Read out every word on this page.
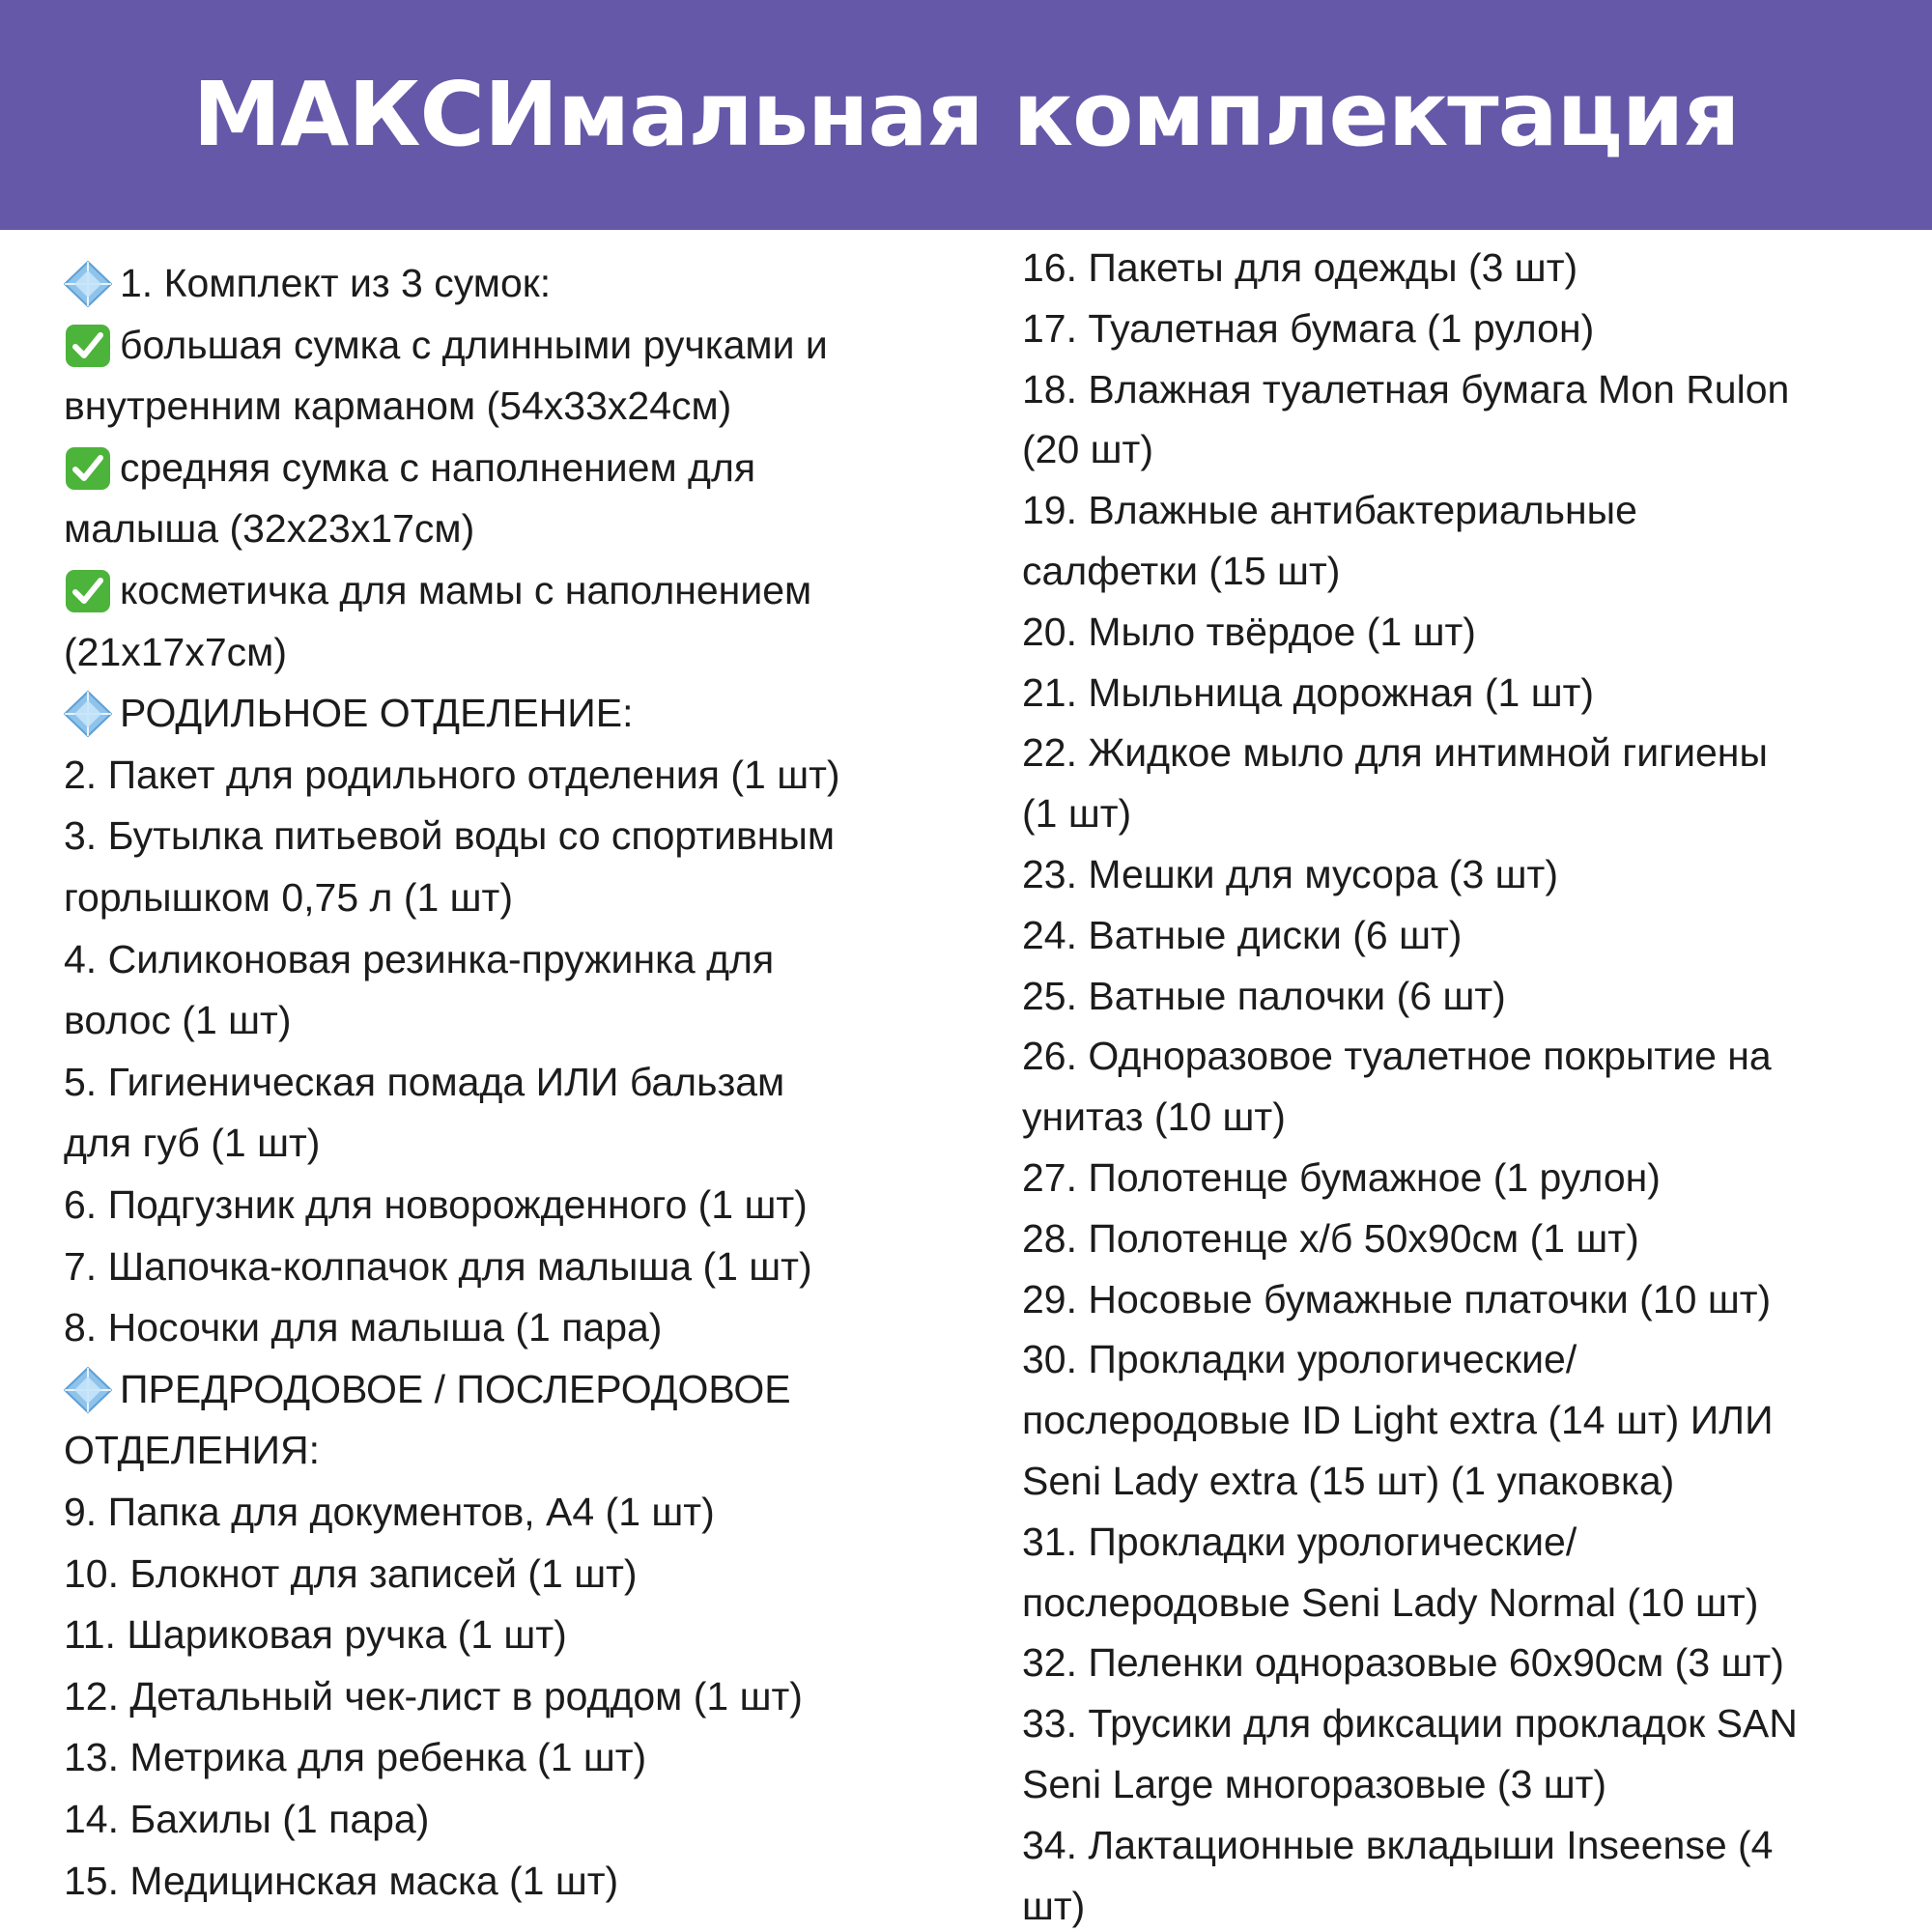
МАКСИмальная комплектация
1. Комплект из 3 сумок:
большая сумка с длинными ручками и
внутренним карманом (54х33х24см)
средняя сумка с наполнением для
малыша (32х23х17см)
косметичка для мамы с наполнением
(21х17х7см)
РОДИЛЬНОЕ ОТДЕЛЕНИЕ:
2. Пакет для родильного отделения (1 шт)
3. Бутылка питьевой воды со спортивным
горлышком 0,75 л (1 шт)
4. Силиконовая резинка-пружинка для
волос (1 шт)
5. Гигиеническая помада ИЛИ бальзам
для губ (1 шт)
6. Подгузник для новорожденного (1 шт)
7. Шапочка-колпачок для малыша (1 шт)
8. Носочки для малыша (1 пара)
ПРЕДРОДОВОЕ / ПОСЛЕРОДОВОЕ
ОТДЕЛЕНИЯ:
9. Папка для документов, А4 (1 шт)
10. Блокнот для записей (1 шт)
11. Шариковая ручка (1 шт)
12. Детальный чек-лист в роддом (1 шт)
13. Метрика для ребенка (1 шт)
14. Бахилы (1 пара)
15. Медицинская маска (1 шт)
16. Пакеты для одежды (3 шт)
17. Туалетная бумага (1 рулон)
18. Влажная туалетная бумага Mon Rulon
(20 шт)
19. Влажные антибактериальные
салфетки (15 шт)
20. Мыло твёрдое (1 шт)
21. Мыльница дорожная (1 шт)
22. Жидкое мыло для интимной гигиены
(1 шт)
23. Мешки для мусора (3 шт)
24. Ватные диски (6 шт)
25. Ватные палочки (6 шт)
26. Одноразовое туалетное покрытие на
унитаз (10 шт)
27. Полотенце бумажное (1 рулон)
28. Полотенце х/б 50х90см (1 шт)
29. Носовые бумажные платочки (10 шт)
30. Прокладки урологические/
послеродовые ID Light extra (14 шт) ИЛИ
Seni Lady extra (15 шт) (1 упаковка)
31. Прокладки урологические/
послеродовые Seni Lady Normal (10 шт)
32. Пеленки одноразовые 60х90см (3 шт)
33. Трусики для фиксации прокладок SAN
Seni Large многоразовые (3 шт)
34. Лактационные вкладыши Inseense (4
шт)
